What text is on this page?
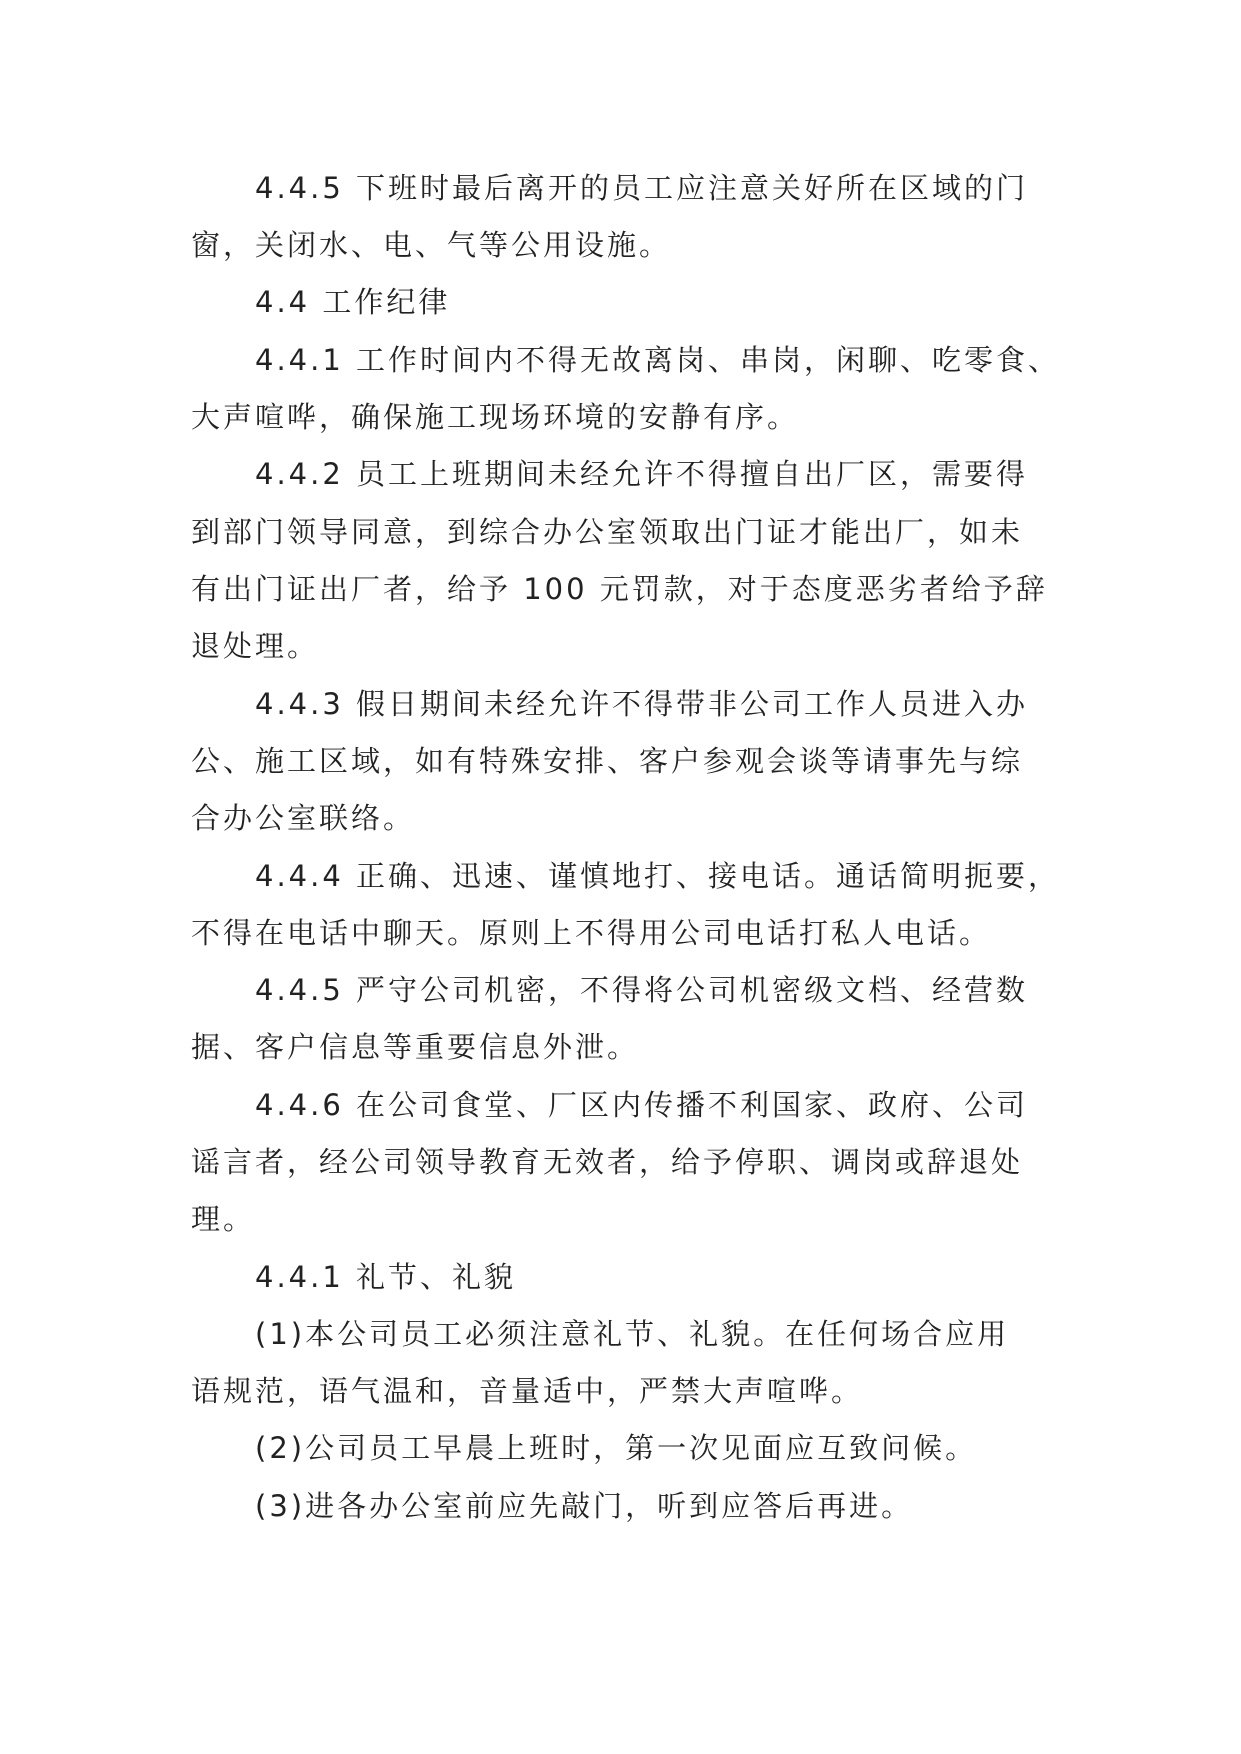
4.4.5 下班时最后离开的员工应注意关好所在区域的门
窗，关闭水、电、气等公用设施。
4.4 工作纪律
4.4.1 工作时间内不得无故离岗、串岗，闲聊、吃零食、
大声喧哗，确保施工现场环境的安静有序。
4.4.2 员工上班期间未经允许不得擅自出厂区，需要得
到部门领导同意，到综合办公室领取出门证才能出厂，如未
有出门证出厂者，给予 100 元罚款，对于态度恶劣者给予辞
退处理。
4.4.3 假日期间未经允许不得带非公司工作人员进入办
公、施工区域，如有特殊安排、客户参观会谈等请事先与综
合办公室联络。
4.4.4 正确、迅速、谨慎地打、接电话。通话简明扼要，
不得在电话中聊天。原则上不得用公司电话打私人电话。
4.4.5 严守公司机密，不得将公司机密级文档、经营数
据、客户信息等重要信息外泄。
4.4.6 在公司食堂、厂区内传播不利国家、政府、公司
谣言者，经公司领导教育无效者，给予停职、调岗或辞退处
理。
4.4.1 礼节、礼貌
(1)本公司员工必须注意礼节、礼貌。在任何场合应用
语规范，语气温和，音量适中，严禁大声喧哗。
(2)公司员工早晨上班时，第一次见面应互致问候。
(3)进各办公室前应先敲门，听到应答后再进。
